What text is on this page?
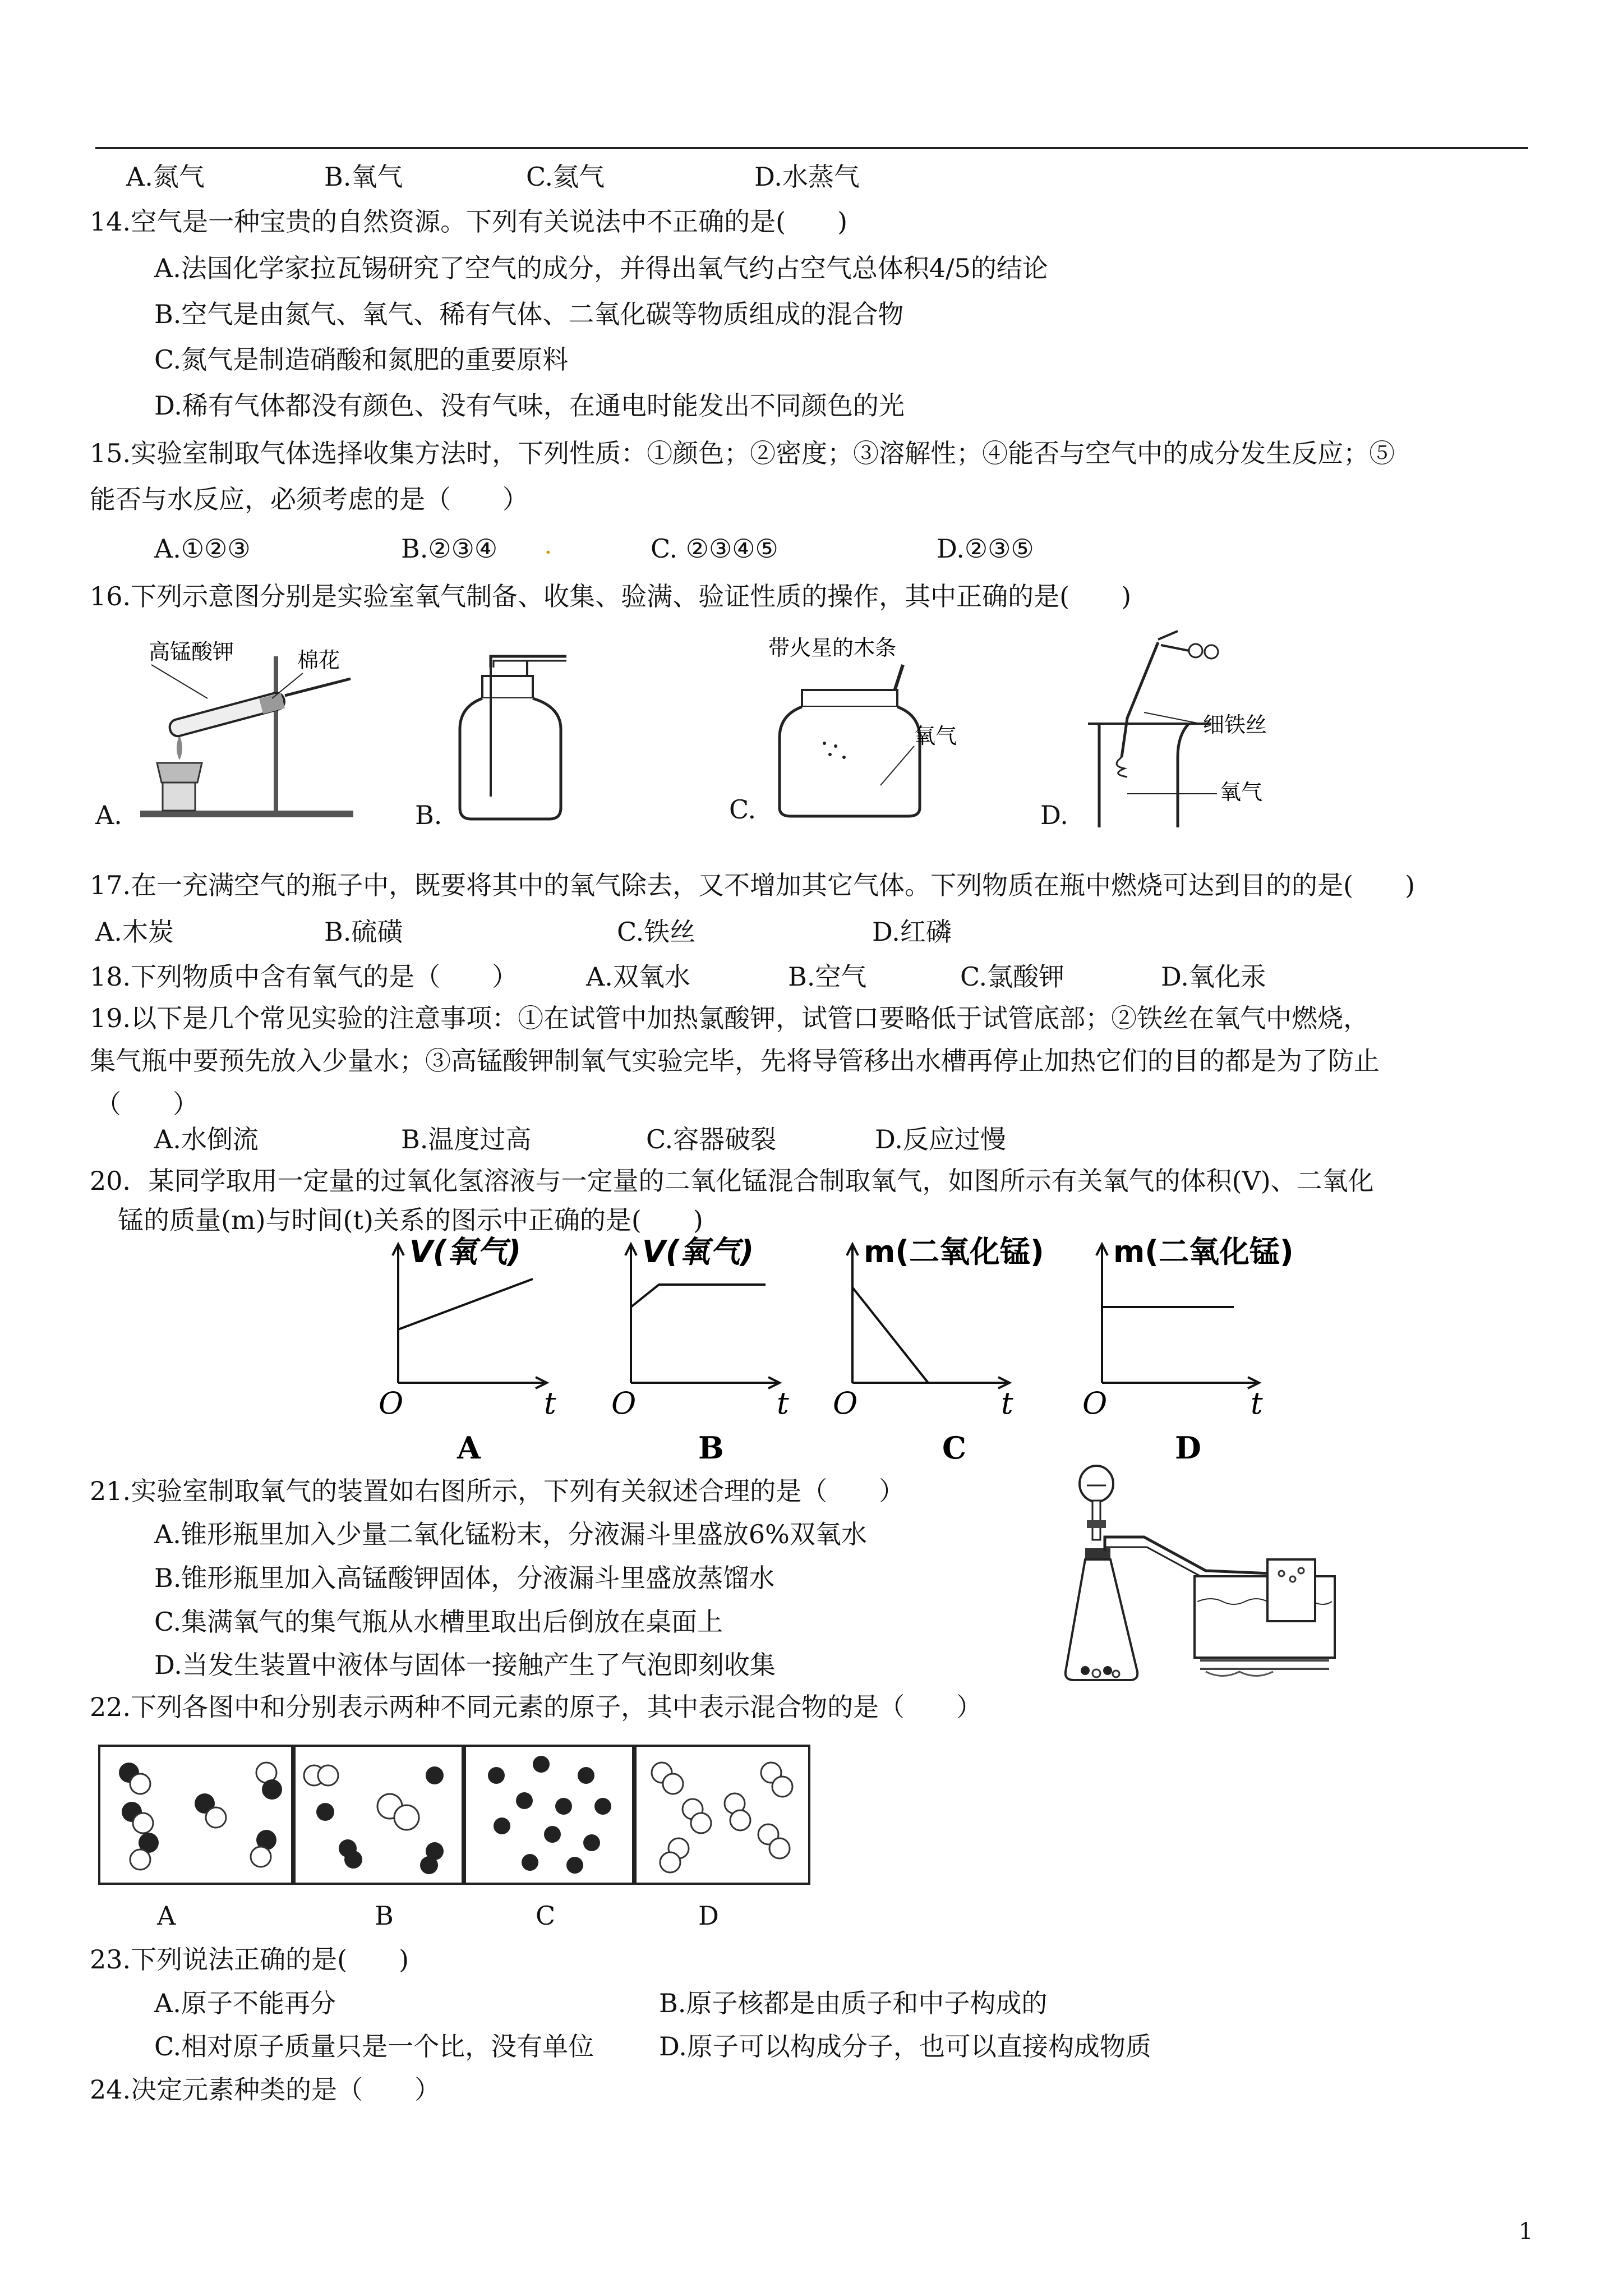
A.氮气	B.氧气	C.氦气	D.水蒸气
14.空气是一种宝贵的自然资源。下列有关说法中不正确的是(　　)
A.法国化学家拉瓦锡研究了空气的成分，并得出氧气约占空气总体积4/5的结论
B.空气是由氮气、氧气、稀有气体、二氧化碳等物质组成的混合物
C.氮气是制造硝酸和氮肥的重要原料
D.稀有气体都没有颜色、没有气味，在通电时能发出不同颜色的光
15.实验室制取气体选择收集方法时，下列性质：①颜色；②密度；③溶解性；④能否与空气中的成分发生反应；⑤
能否与水反应，必须考虑的是（　　）
A.①②③	B.②③④ .	C. ②③④⑤	D.②③⑤
16.下列示意图分别是实验室氧气制备、收集、验满、验证性质的操作，其中正确的是(　　)
高锰酸钾	棉花
A.	B.
带火星的木条
氧气
C.
细铁丝
氧气
D.
17.在一充满空气的瓶子中，既要将其中的氧气除去，又不增加其它气体。下列物质在瓶中燃烧可达到目的的是(　　)
A.木炭	B.硫磺	C.铁丝	D.红磷
18.下列物质中含有氧气的是（　　）	A.双氧水	B.空气	C.氯酸钾	D.氧化汞
19.以下是几个常见实验的注意事项：①在试管中加热氯酸钾，试管口要略低于试管底部；②铁丝在氧气中燃烧，
集气瓶中要预先放入少量水；③高锰酸钾制氧气实验完毕，先将导管移出水槽再停止加热它们的目的都是为了防止
（　　）
A.水倒流	B.温度过高	C.容器破裂	D.反应过慢
20．某同学取用一定量的过氧化氢溶液与一定量的二氧化锰混合制取氧气，如图所示有关氧气的体积(V)、二氧化
锰的质量(m)与时间(t)关系的图示中正确的是(　　)
V(氧气)
O	t
A
V(氧气)
O	t
B
m(二氧化锰)
O	t
C
m(二氧化锰)
O	t
D
21.实验室制取氧气的装置如右图所示，下列有关叙述合理的是（　　）
A.锥形瓶里加入少量二氧化锰粉末，分液漏斗里盛放6%双氧水
B.锥形瓶里加入高锰酸钾固体，分液漏斗里盛放蒸馏水
C.集满氧气的集气瓶从水槽里取出后倒放在桌面上
D.当发生装置中液体与固体一接触产生了气泡即刻收集
22.下列各图中和分别表示两种不同元素的原子，其中表示混合物的是（　　）
A	B	C	D
23.下列说法正确的是(　　)
A.原子不能再分	B.原子核都是由质子和中子构成的
C.相对原子质量只是一个比，没有单位	D.原子可以构成分子，也可以直接构成物质
24.决定元素种类的是（　　）
1
